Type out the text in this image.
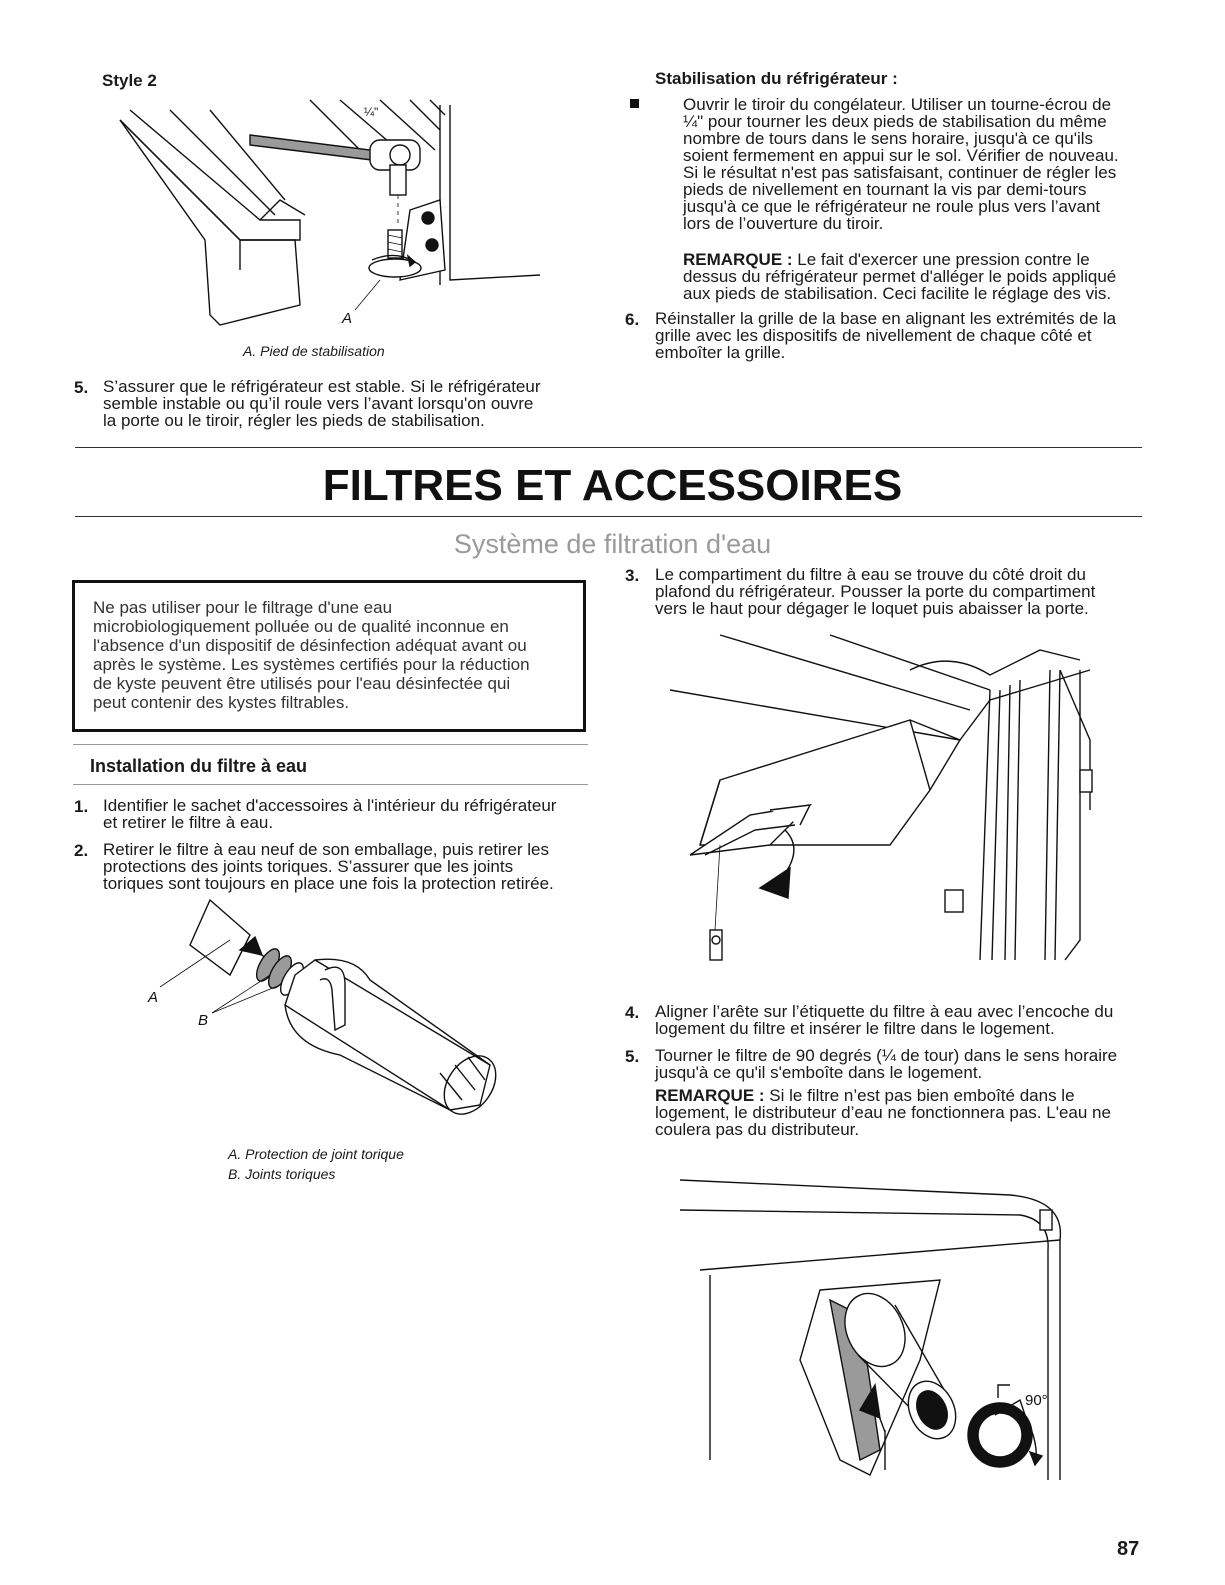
Style 2
A
¼"
A. Pied de stabilisation
5. S’assurer que le réfrigérateur est stable. Si le réfrigérateur
semble instable ou qu’il roule vers l’avant lorsqu'on ouvre
la porte ou le tiroir, régler les pieds de stabilisation.
Stabilisation du réfrigérateur :
Ouvrir le tiroir du congélateur. Utiliser un tourne-écrou de
¼" pour tourner les deux pieds de stabilisation du même
nombre de tours dans le sens horaire, jusqu'à ce qu'ils
soient fermement en appui sur le sol. Vérifier de nouveau.
Si le résultat n'est pas satisfaisant, continuer de régler les
pieds de nivellement en tournant la vis par demi-tours
jusqu'à ce que le réfrigérateur ne roule plus vers l’avant
lors de l’ouverture du tiroir.
REMARQUE : Le fait d'exercer une pression contre le
dessus du réfrigérateur permet d'alléger le poids appliqué
aux pieds de stabilisation. Ceci facilite le réglage des vis.
6. Réinstaller la grille de la base en alignant les extrémités de la
grille avec les dispositifs de nivellement de chaque côté et
emboîter la grille.
FILTRES ET ACCESSOIRES
Système de filtration d'eau
Ne pas utiliser pour le filtrage d'une eau
microbiologiquement polluée ou de qualité inconnue en
l'absence d'un dispositif de désinfection adéquat avant ou
après le système. Les systèmes certifiés pour la réduction
de kyste peuvent être utilisés pour l'eau désinfectée qui
peut contenir des kystes filtrables.
Installation du filtre à eau
1. Identifier le sachet d'accessoires à l'intérieur du réfrigérateur
et retirer le filtre à eau.
2. Retirer le filtre à eau neuf de son emballage, puis retirer les
protections des joints toriques. S’assurer que les joints
toriques sont toujours en place une fois la protection retirée.
A
B
A. Protection de joint torique
B. Joints toriques
3. Le compartiment du filtre à eau se trouve du côté droit du
plafond du réfrigérateur. Pousser la porte du compartiment
vers le haut pour dégager le loquet puis abaisser la porte.
4. Aligner l’arête sur l’étiquette du filtre à eau avec l’encoche du
logement du filtre et insérer le filtre dans le logement.
5. Tourner le filtre de 90 degrés (¼ de tour) dans le sens horaire
jusqu'à ce qu'il s'emboîte dans le logement.
REMARQUE : Si le filtre n’est pas bien emboîté dans le
logement, le distributeur d’eau ne fonctionnera pas. L'eau ne
coulera pas du distributeur.
90°
87
